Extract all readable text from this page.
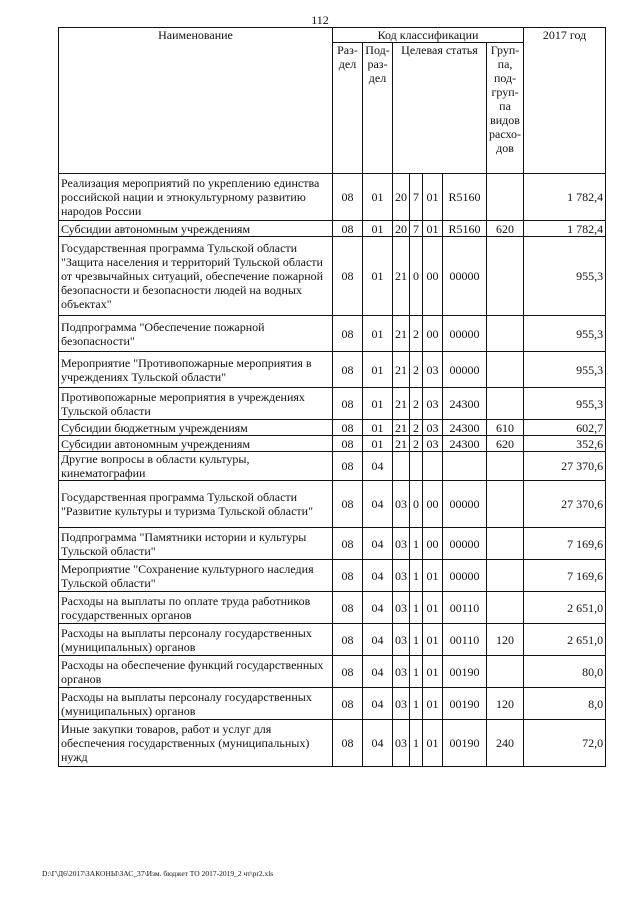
112
Наименование	Код классификации							2017 год
	Раз-дел	Под-раз-дел	Целевая статья				Груп-па, под-груп-па видов расхо-дов	
Реализация мероприятий по укреплению единства российской нации и этнокультурному развитию народов России	08	01	20	7	01	R5160		1 782,4
Субсидии автономным учреждениям	08	01	20	7	01	R5160	620	1 782,4
Государственная программа Тульской области "Защита населения и территорий Тульской области от чрезвычайных ситуаций, обеспечение пожарной безопасности и безопасности людей на водных объектах"	08	01	21	0	00	00000		955,3
Подпрограмма "Обеспечение пожарной безопасности"	08	01	21	2	00	00000		955,3
Мероприятие "Противопожарные мероприятия в учреждениях Тульской области"	08	01	21	2	03	00000		955,3
Противопожарные мероприятия в учреждениях Тульской области	08	01	21	2	03	24300		955,3
Субсидии бюджетным учреждениям	08	01	21	2	03	24300	610	602,7
Субсидии автономным учреждениям	08	01	21	2	03	24300	620	352,6
Другие вопросы в области культуры, кинематографии	08	04						27 370,6
Государственная программа Тульской области "Развитие культуры и туризма Тульской области"	08	04	03	0	00	00000		27 370,6
Подпрограмма "Памятники истории и культуры Тульской области"	08	04	03	1	00	00000		7 169,6
Мероприятие "Сохранение культурного наследия Тульской области"	08	04	03	1	01	00000		7 169,6
Расходы на выплаты по оплате труда работников государственных органов	08	04	03	1	01	00110		2 651,0
Расходы на выплаты персоналу государственных (муниципальных) органов	08	04	03	1	01	00110	120	2 651,0
Расходы на обеспечение функций государственных органов	08	04	03	1	01	00190		80,0
Расходы на выплаты персоналу государственных (муниципальных) органов	08	04	03	1	01	00190	120	8,0
Иные закупки товаров, работ и услуг для обеспечения государственных (муниципальных) нужд	08	04	03	1	01	00190	240	72,0
D:\Г\Д6\2017\ЗАКОНЫ\ЗАС_37\Изм. бюджет ТО 2017-2019_2 чт\pr2.xls
